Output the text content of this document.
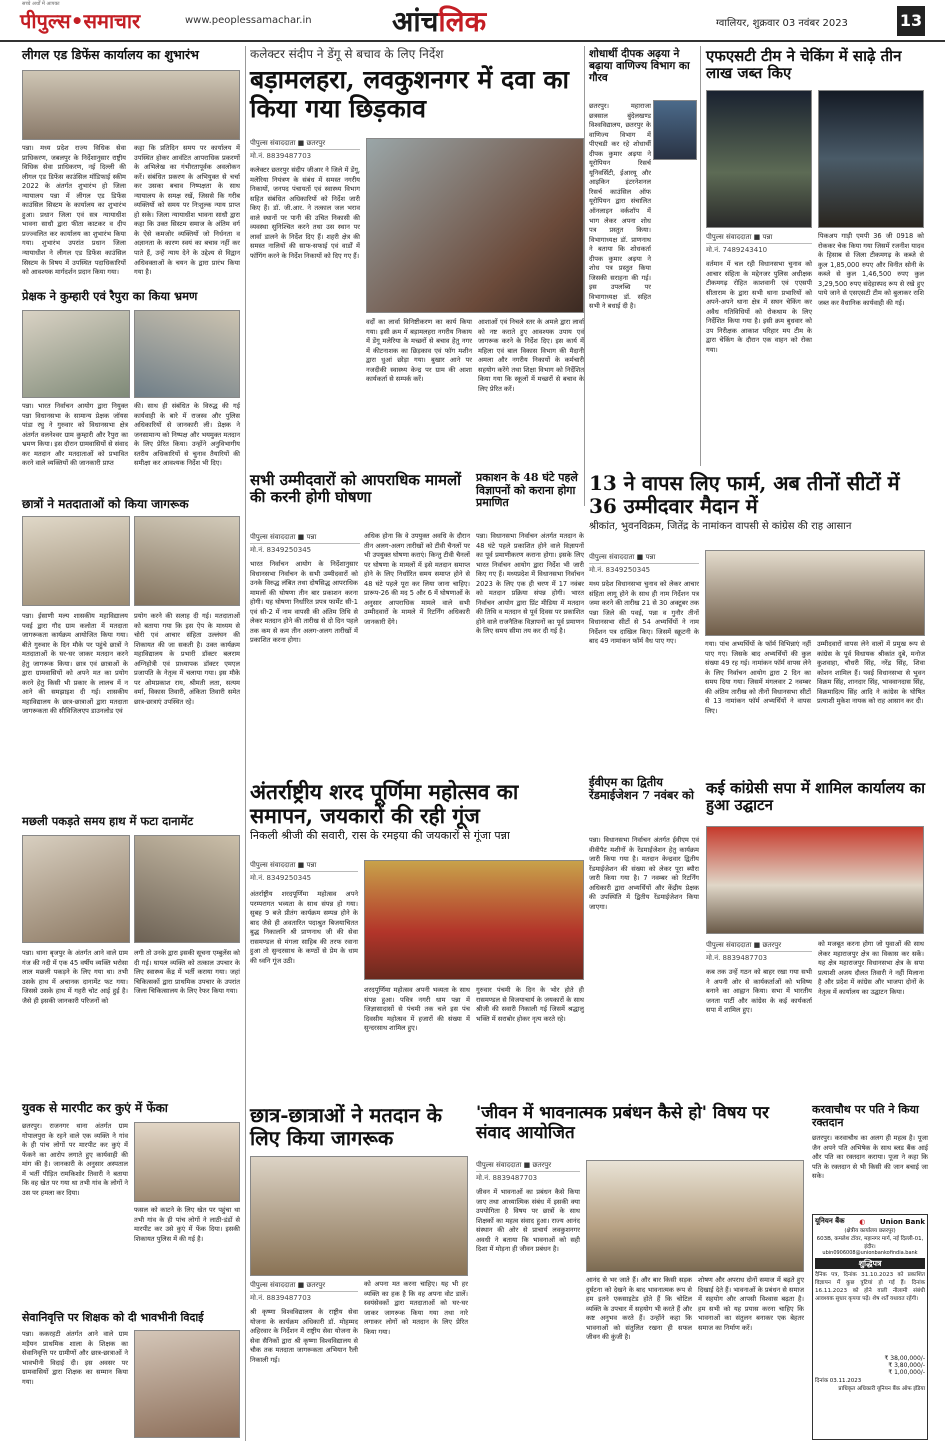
सच्चे अर्थों में आपका
पीपुल्स•समाचार	www.peoplessamachar.in	आंचलिक	ग्वालियर, शुक्रवार 03 नवंबर 2023	13
लीगल एड डिफेंस कार्यालय का शुभारंभ
पन्ना। मध्य प्रदेश राज्य विधिक सेवा प्राधिकरण, जबलपुर के निर्देशानुसार राष्ट्रीय विधिक सेवा प्राधिकरण, नई दिल्ली की लीगल एड डिफेंस काउंसिल मॉडिफाई स्कीम 2022 के अंतर्गत शुभारंभ हो जिला न्यायालय पन्ना में लीगल एड डिफेंस काउंसिल सिस्टम के कार्यालय का शुभारंभ हुआ। प्रधान जिला एवं सत्र न्यायाधीश भावना साधौ द्वारा फीता काटकर व दीप प्रज्ज्वलित कर कार्यालय का शुभारंभ किया गया। शुभारंभ उपरांत प्रधान जिला न्यायाधीश ने लीगल एड डिफेंस काउंसिल सिस्टम के विषय में उपस्थित पदाधिकारियों को आवश्यक मार्गदर्शन प्रदान किया गया।
कहा कि प्रतिदिन समय पर कार्यालय में उपस्थित होकर आवंटित आपराधिक प्रकरणों के अभिलेख का गंभीरतापूर्वक अवलोकन करें। संबंधित प्रकरण के अभियुक्त से चर्चा कर उसका बचाव निष्पक्षता के साथ न्यायालय के समक्ष रखें, जिससे कि गरीब व्यक्तियों को समय पर निःशुल्क न्याय प्राप्त हो सके। जिला न्यायाधीश भावना साधौ द्वारा कहा कि उक्त सिस्टम समाज के अंतिम वर्ग के ऐसे कमजोर व्यक्तियों जो निर्धनता व अज्ञानता के कारण स्वयं का बचाव नहीं कर पाते हैं, उन्हें न्याय देने के उद्देश्य से विद्वान अधिवक्ताओं के चयन के द्वारा प्रारंभ किया गया है।
प्रेक्षक ने कुम्हारी एवं रैपुरा का किया भ्रमण
पन्ना। भारत निर्वाचन आयोग द्वारा नियुक्त पन्ना विधानसभा के सामान्य प्रेक्षक जॉयस पांडा रघु ने गुरुवार को विधानसभा क्षेत्र अंतर्गत वलनेश्वर ग्राम कुम्हारी और रैपुरा का भ्रमण किया। इस दौरान ग्रामवासियों से संवाद कर मतदान और मतदाताओं को प्रभावित करने वाले व्यक्तियों की जानकारी प्राप्त
की। साथ ही संबंधित के विरुद्ध की गई कार्यवाही के बारे में राजस्व और पुलिस अधिकारियों से जानकारी ली। प्रेक्षक ने जनसामान्य को निष्पक्ष और भयमुक्त मतदान के लिए प्रेरित किया। उन्होंने अनुविभागीय स्तरीय अधिकारियों से चुनाव तैयारियों की समीक्षा कर आवश्यक निर्देश भी दिए।
छात्रों ने मतदाताओं को किया जागरूक
पन्ना। ईसाणी मल्य शासकीय महाविद्यालय पवई द्वारा गौद ग्राम कलोता में मतदाता जागरूकता कार्यक्रम आयोजित किया गया। बीते गुरुवार के दिन मौके पर पहुंचे छात्रों ने मतदाताओं के घर-घर जाकर मतदान करने हेतु जागरूक किया। छात्र एवं छात्राओं के द्वारा ग्रामवासियों को अपने मत का प्रयोग करने हेतु किसी भी प्रकार के लालच में न आने की समझाइश दी गई। शासकीय महाविद्यालय के छात्र-छात्राओं द्वारा मतदाता जागरूकता की सीविजिलएप डाउनलोड एवं
प्रयोग करने की सलाह दी गई। मतदाताओं को बताया गया कि इस ऐप के माध्यम से चोरी एवं आचार संहिता उल्लंघन की शिकायत की जा सकती है। उक्त कार्यक्रम महाविद्यालय के प्रभारी डॉक्टर बलराम अग्निहोत्री एवं प्राध्यापक डॉक्टर एमएल प्रजापति के नेतृत्व में चलाया गया। इस मौके पर ओमप्रकाश राय, श्रीमती लता, सत्यम वर्मा, विकास तिवारी, अंकिता तिवारी समेत छात्र-छात्राएं उपस्थित रहे।
मछली पकड़ते समय हाथ में फटा दानामेंट
पन्ना। थाना बृजपुर के अंतर्गत आने वाले ग्राम गंज की नदी में एक 45 वर्षीय व्यक्ति भरोसा लाल मछली पकड़ने के लिए गया था। तभी उसके हाथ में अचानक दानामेंट फट गया। जिससे उसके हाथ में गहरी चोट आई हुई है। जैसे ही इसकी जानकारी परिजनों को
लगी तो उनके द्वारा इसकी सूचना एम्बुलेंस को दी गई। घायल व्यक्ति को तत्काल उपचार के लिए स्वास्थ्य केंद्र में भर्ती कराया गया। जहां चिकित्सकों द्वारा प्राथमिक उपचार के उपरांत जिला चिकित्सालय के लिए रेफर किया गया।
युवक से मारपीट कर कुएं में फेंका
छतरपुर। राजनगर थाना अंतर्गत ग्राम गोपालपुरा के रहने वाले एक व्यक्ति ने गांव के ही पांच लोगों पर मारपीट कर कुएं में फेंकने का आरोप लगाते हुए कार्यवाही की मांग की है। जानकारी के अनुसार अस्पताल में भर्ती पीड़ित रामकिशोर तिवारी ने बताया कि वह खेत पर गया था तभी गांव के लोगों ने उस पर हमला कर दिया।
फसल को काटने के लिए खेत पर पहुंचा था तभी गांव के ही पांच लोगों ने लाठी-डंडों से मारपीट कर उसे कुएं में फेंक दिया। इसकी शिकायत पुलिस में की गई है।
सेवानिवृत्ति पर शिक्षक को दी भावभीनी विदाई
पन्ना। ककरहटी अंतर्गत आने वाले ग्राम मड़ैयन प्राथमिक शाला के शिक्षक का सेवानिवृत्ति पर ग्रामीणों और छात्र-छात्राओं ने भावभीनी विदाई दी। इस अवसर पर ग्रामवासियों द्वारा शिक्षक का सम्मान किया गया।
कलेक्टर संदीप ने डेंगू से बचाव के लिए निर्देश
बड़ामलहरा, लवकुशनगर में दवा का किया गया छिड़काव
पीपुल्स संवाददाता ■ छतरपुर
मो.नं. 8839487703
कलेक्टर छतरपुर संदीप जीआर ने जिले में डेंगू, मलेरिया नियंत्रण के संबंध में समस्त नगरीय निकायों, जनपद पंचायतों एवं स्वास्थ्य विभाग सहित संबंधित अधिकारियों को निर्देश जारी किए हैं। डॉ. जी.आर. ने तत्काल जल भराव वाले स्थानों पर पानी की उचित निकासी की व्यवस्था सुनिश्चित करने तथा उस स्थान पर लार्वा डालने के निर्देश दिए हैं। शहरी क्षेत्र की समस्त नालियों की साफ-सफाई एवं वार्डों में फॉगिंग करने के निर्देश निकायों को दिए गए हैं।
वर्दों का लार्वा विनिष्टीकरण का कार्य किया गया। इसी क्रम में बड़ामलहरा नगरीय निकाय में डेंगू मलेरिया के मच्छरों से बचाव हेतु नगर में कीटनाशक का छिड़काव एवं फॉग मशीन द्वारा धुआं छोड़ा गया। बुखार आने पर नजदीकी स्वास्थ्य केन्द्र पर ग्राम की आशा कार्यकर्ता से सम्पर्क करें।
आशाओं एवं निचले स्तर के अमले द्वारा लार्वा को नष्ट कराते हुए आवश्यक उपाय एवं जागरूक करने के निर्देश दिए। इस कार्य में महिला एवं बाल विकास विभाग की मैदानी अमला और नगरीय निकायों के कर्मचारी सहयोग करेंगे तथा शिक्षा विभाग को निर्देशित किया गया कि स्कूलों में मच्छरों से बचाव के लिए प्रेरित करें।
सभी उम्मीदवारों को आपराधिक मामलों की करनी होगी घोषणा
पीपुल्स संवाददाता ■ पन्ना
मो.नं. 8349250345
भारत निर्वाचन आयोग के निर्देशानुसार विधानसभा निर्वाचन के सभी उम्मीदवारों को उनके विरुद्ध लंबित तथा दोषसिद्ध आपराधिक मामलों की घोषणा तीन बार प्रकाशन करना होगी। यह घोषणा निर्धारित प्रपत्र फार्मेट सी-1 एवं सी-2 में नाम वापसी की अंतिम तिथि से लेकर मतदान होने की तारीख से दो दिन पहले तक कम से कम तीन अलग-अलग तारीखों में प्रकाशित करना होगा।
अधिक होना कि वे उपयुक्त अवधि के दौरान तीन अलग-अलग तारीखों को टीवी चैनलों पर भी उपयुक्त घोषणा कराएं। किन्तु टीवी चैनलों पर घोषणा के मामलों में इसे मतदान समाप्त होने के लिए निर्धारित समय समाप्त होने से 48 घंटे पहले पूरा कर लिया जाना चाहिए। प्रारूप-26 की मद 5 और 6 में घोषणाओं के अनुसार आपराधिक मामले वाले सभी उम्मीदवारों के मामले में रिटर्निंग अधिकारी जानकारी देंगे।
प्रकाशन के 48 घंटे पहले विज्ञापनों को कराना होगा प्रमाणित
पन्ना। विधानसभा निर्वाचन अंतर्गत मतदान के 48 घंटे पहले प्रकाशित होने वाले विज्ञापनों का पूर्व प्रमाणीकरण कराना होगा। इसके लिए भारत निर्वाचन आयोग द्वारा निर्देश भी जारी किए गए हैं। मध्यप्रदेश में विधानसभा निर्वाचन 2023 के लिए एक ही चरण में 17 नवंबर को मतदान प्रक्रिया संपन्न होगी। भारत निर्वाचन आयोग द्वारा प्रिंट मीडिया में मतदान की तिथि व मतदान से पूर्व दिवस पर प्रकाशित होने वाले राजनैतिक विज्ञापनों का पूर्व प्रमाणन के लिए समय सीमा तय कर दी गई है।
अंतर्राष्ट्रीय शरद पूर्णिमा महोत्सव का समापन, जयकारों की रही गूंज
निकली श्रीजी की सवारी, रास के रमइया की जयकारों से गूंजा पन्ना
पीपुल्स संवाददाता ■ पन्ना
मो.नं. 8349250345
अंतर्राष्ट्रीय शरदपूर्णिमा महोत्सव अपने परम्परागत भव्यता के साथ संपन्न हो गया। सुबह 9 बजे प्रीतंग कार्यक्रम सम्पन्न होने के बाद जैसे ही अवतारित पदाश्रुत बिजयाचितत बुद्ध निकालनि श्री प्राणनाथ जी की सेवा रासमण्डल से मंगला साहिब की तरफ रवाना हुआ तो सुन्दरसाथ के कण्ठों से प्रेम के धाम की ध्वनि गूंज उठी।
शरदपूर्णिमा महोत्सव अपनी भव्यता के साथ संपन्न हुआ। पवित्र नगरी धाम पन्ना में जिज्ञासादासों से पंचमी तक चले इस पंच दिवसीय महोत्सव में हजारों की संख्या में सुन्दरसाथ शामिल हुए।
छात्र-छात्राओं ने मतदान के लिए किया जागरूक
पीपुल्स संवाददाता ■ छतरपुर
मो.नं. 8839487703
श्री कृष्णा विश्वविद्यालय के राष्ट्रीय सेवा योजना के कार्यक्रम अधिकारी डॉ. मोहम्मद अहिरवार के निर्देशन में राष्ट्रीय सेवा योजना के सेवा सैनिकों द्वारा श्री कृष्णा विश्वविद्यालय से चौक तक मतदाता जागरूकता अभियान रैली निकाली गई।
को अपना मत करना चाहिए। यह भी हर व्यक्ति का हक है कि वह अपना वोट डालें। स्वयंसेवकों द्वारा मतदाताओं को घर-घर जाकर जागरूक किया गया तथा नारे लगाकर लोगों को मतदान के लिए प्रेरित किया गया।
शोधार्थी दीपक अढ़या ने बढ़ाया वाणिज्य विभाग का गौरव
छतरपुर। महाराजा छत्रसाल बुंदेलखण्ड विश्वविद्यालय, छतरपुर के वाणिज्य विभाग में पीएचडी कर रहे शोधार्थी दीपक कुमार अढ़या ने यूरोपियन रिसर्च यूनिवर्सिटी, ईआरयू और आइकिन इंटरनेशनल रिसर्च काउंसिल ऑफ यूरोपियन द्वारा संचालित ऑनलाइन वर्कशॉप में भाग लेकर अपना शोध पत्र प्रस्तुत किया। विभागाध्यक्ष डॉ. प्राणनाथ ने बताया कि शोधकर्ता दीपक कुमार अढ़या ने शोध पत्र प्रस्तुत किया जिसकी सराहना की गई। इस उपलब्धि पर विभागाध्यक्ष डॉ. सहित सभी ने बधाई दी है।
गुरुवार पंचमी के दिन के भोर होते ही रासमण्डल से विजयाचार्य के जयकारों के साथ श्रीजी की सवारी निकाली गई जिसमें श्रद्धालु भक्ति में सराबोर होकर नृत्य करते रहे।
एफएसटी टीम ने चेकिंग में साढ़े तीन लाख जब्त किए
पीपुल्स संवाददाता ■ पन्ना
मो.नं. 7489243410
वर्तमान में चल रही विधानसभा चुनाव को आचार संहिता के मद्देनजर पुलिस अधीक्षक टीकमगढ़ रोहित काशवानी एवं एएसपी सीताराम के द्वारा सभी थाना प्रभारियों को अपने-अपने थाना क्षेत्र में सघन चेकिंग कर अवैध गतिविधियों को रोकथाम के लिए निर्देशित किया गया है। इसी क्रम बुधवार को उप निरीक्षक आकाश परिहार मय टीम के द्वारा चेकिंग के दौरान एक वाहन को रोका गया।
पिकअप गाड़ी एमपी 36 जी 0918 को रोककर चेक किया गया जिसमें रजनीश यादव के हिसाब से जिला टीकमगढ़ के कब्जे से कुल 1,85,000 रुपए और विनीत सोनी के कब्जे से कुल 1,46,500 रुपए कुल 3,29,500 रुपए संदेहास्पद रूप से रखे हुए पाये जाने से एसएसटी टीम को बुलाकर राशि जब्त कर वैधानिक कार्यवाही की गई।
13 ने वापस लिए फार्म, अब तीनों सीटों में 36 उम्मीदवार मैदान में
श्रीकांत, भुवनविक्रम, जितेंद्र के नामांकन वापसी से कांग्रेस की राह आसान
पीपुल्स संवाददाता ■ पन्ना
मो.नं. 8349250345
मध्य प्रदेश विधानसभा चुनाव को लेकर आचार संहिता लागू होने के साथ ही नाम निर्देशन पत्र जमा करने की तारीख 21 से 30 अक्टूबर तक पन्ना जिले की पवई, पन्ना व गुनौर तीनों विधानसभा सीटों से 54 अभ्यर्थियों ने नाम निर्देशन पत्र दाखिल किए। जिसमें स्क्रूटनी के बाद 49 नामांकन फॉर्म वैध पाए गए।	गया। पांच अभ्यर्थियों के फॉर्म विभिन्नाएं नहीं पाए गए। जिसके बाद अभ्यर्थियों की कुल संख्या 49 रह गई। नामांकन फॉर्म वापस लेने के लिए निर्वाचन आयोग द्वारा 2 दिन का समय दिया गया। जिसमें मंगलवार 2 नवम्बर की अंतिम तारीख को तीनों विधानसभा सीटों से 13 नामांकन फॉर्म अभ्यर्थियों ने वापस लिए।
उम्मीदवारों वापस लेने वालों में प्रमुख रूप से कांग्रेस के पूर्व विधायक श्रीकांत दुबे, मनोज कुशवाहा, चौधरी सिंह, नरेंद्र सिंह, शिवा कोशन शामिल हैं। पवई विधानसभा से भुवन विक्रम सिंह, शानदार सिंह, भाववानदास सिंह, विक्रमादित्य सिंह आदि ने कांग्रेस के घोषित प्रत्याशी मुकेश नायक को राह आसान कर दी।
ईवीएम का द्वितीय रेंडमाईजेशन 7 नवंबर को
पन्ना। विधानसभा निर्वाचन अंतर्गत ईवीएम एवं वीवीपैट मशीनों के रेंडमाईजेशन हेतु कार्यक्रम जारी किया गया है। मतदान केन्द्रवार द्वितीय रेंडमाईजेशन की संख्या को लेकर पूरा ब्यौरा जारी किया गया है। 7 नवम्बर को रिटर्निंग अधिकारी द्वारा अभ्यर्थियों और केंद्रीय प्रेक्षक की उपस्थिति में द्वितीय रेंडमाईजेशन किया जाएगा।
कई कांग्रेसी सपा में शामिल कार्यालय का हुआ उद्घाटन
पीपुल्स संवाददाता ■ छतरपुर
मो.नं. 8839487703
कब तक उन्हें गठन को बाहर रखा गया सभी ने अपनी ओर से कार्यकर्ताओं को भविष्य बनाने का आह्वान किया। सभा में भारतीय जनता पार्टी और कांग्रेस के कई कार्यकर्ता सपा में शामिल हुए।
को मजबूत करना होगा जो युवाओं की साथ लेकर महाराजपुर क्षेत्र का विकास कर सकें। यह क्षेत्र महाराजपुर विधानसभा क्षेत्र के सपा प्रत्याशी अजय दौलत तिवारी ने नहीं मिलाना है और प्रदेश में कांग्रेस और भाजपा दोनों के नेतृत्व में कार्यालय का उद्घाटन किया।
'जीवन में भावनात्मक प्रबंधन कैसे हो' विषय पर संवाद आयोजित
पीपुल्स संवाददाता ■ छतरपुर
मो.नं. 8839487703
जीवन में भावनाओं का प्रबंधन कैसे किया जाए तथा आध्यात्मिक संबंध में इसकी क्या उपयोगिता है विषय पर छात्रों के साथ शिक्षकों का महत्व संवाद हुआ। राज्य आनंद संस्थान की ओर से प्राचार्य लवकुशनगर अवधी ने बताया कि भावनाओं को सही दिशा में मोड़ना ही जीवन प्रबंधन है।
आनंद से भर जाते हैं। और बार किसी सड़क दुर्घटना को देखने के बाद भावनात्मक रूप से हम इतने एकसाइटेड होते हैं कि चोटिल व्यक्ति के उपचार में सहयोग भी करते हैं और कष्ट अनुभव करते हैं। उन्होंने कहा कि भावनाओं को संतुलित रखना ही सफल जीवन की कुंजी है।
शोषण और अपराध दोनों समाज में बढ़ते हुए दिखाई देते हैं। भावनाओं के प्रबंधन से समाज में सहयोग और आपसी विश्वास बढ़ता है। हम सभी को यह प्रयास करना चाहिए कि भावनाओं का संतुलन बनाकर एक बेहतर समाज का निर्माण करें।
करवाचौथ पर पति ने किया रक्तदान
छतरपुर। करवाचौथ का अलग ही महत्व है। पूजा जैन अपने पति अभिषेक के साथ ब्लड बैंक आई और पति का रक्तदान कराया। पूजा ने कहा कि पति के रक्तदान से भी किसी की जान बचाई जा सके।
यूनियन बैंक ◐ Union Bank
(क्षेत्रीय कार्यालय छतरपुर)
603B, कमलेश टॉवर, महानगर मार्ग, नई दिल्ली-01, इंदौर।
ubin0906008@unionbankofindia.bank
शुद्धिपत्र
दैनिक पत्र, दिनांक 31.10.2023 को प्रकाशित विज्ञापन में कुछ त्रुटियां हो गई हैं। दिनांक 16.11.2023 को होने वाली नीलामी संबंधी आवश्यक सुधार कृपया पढ़ें। शेष शर्तें यथावत रहेंगी।
₹ 38,00,000/-
₹ 3,80,000/-
₹ 1,00,000/-
दिनांक 03.11.2023
प्राधिकृत अधिकारी यूनियन बैंक ऑफ इंडिया
